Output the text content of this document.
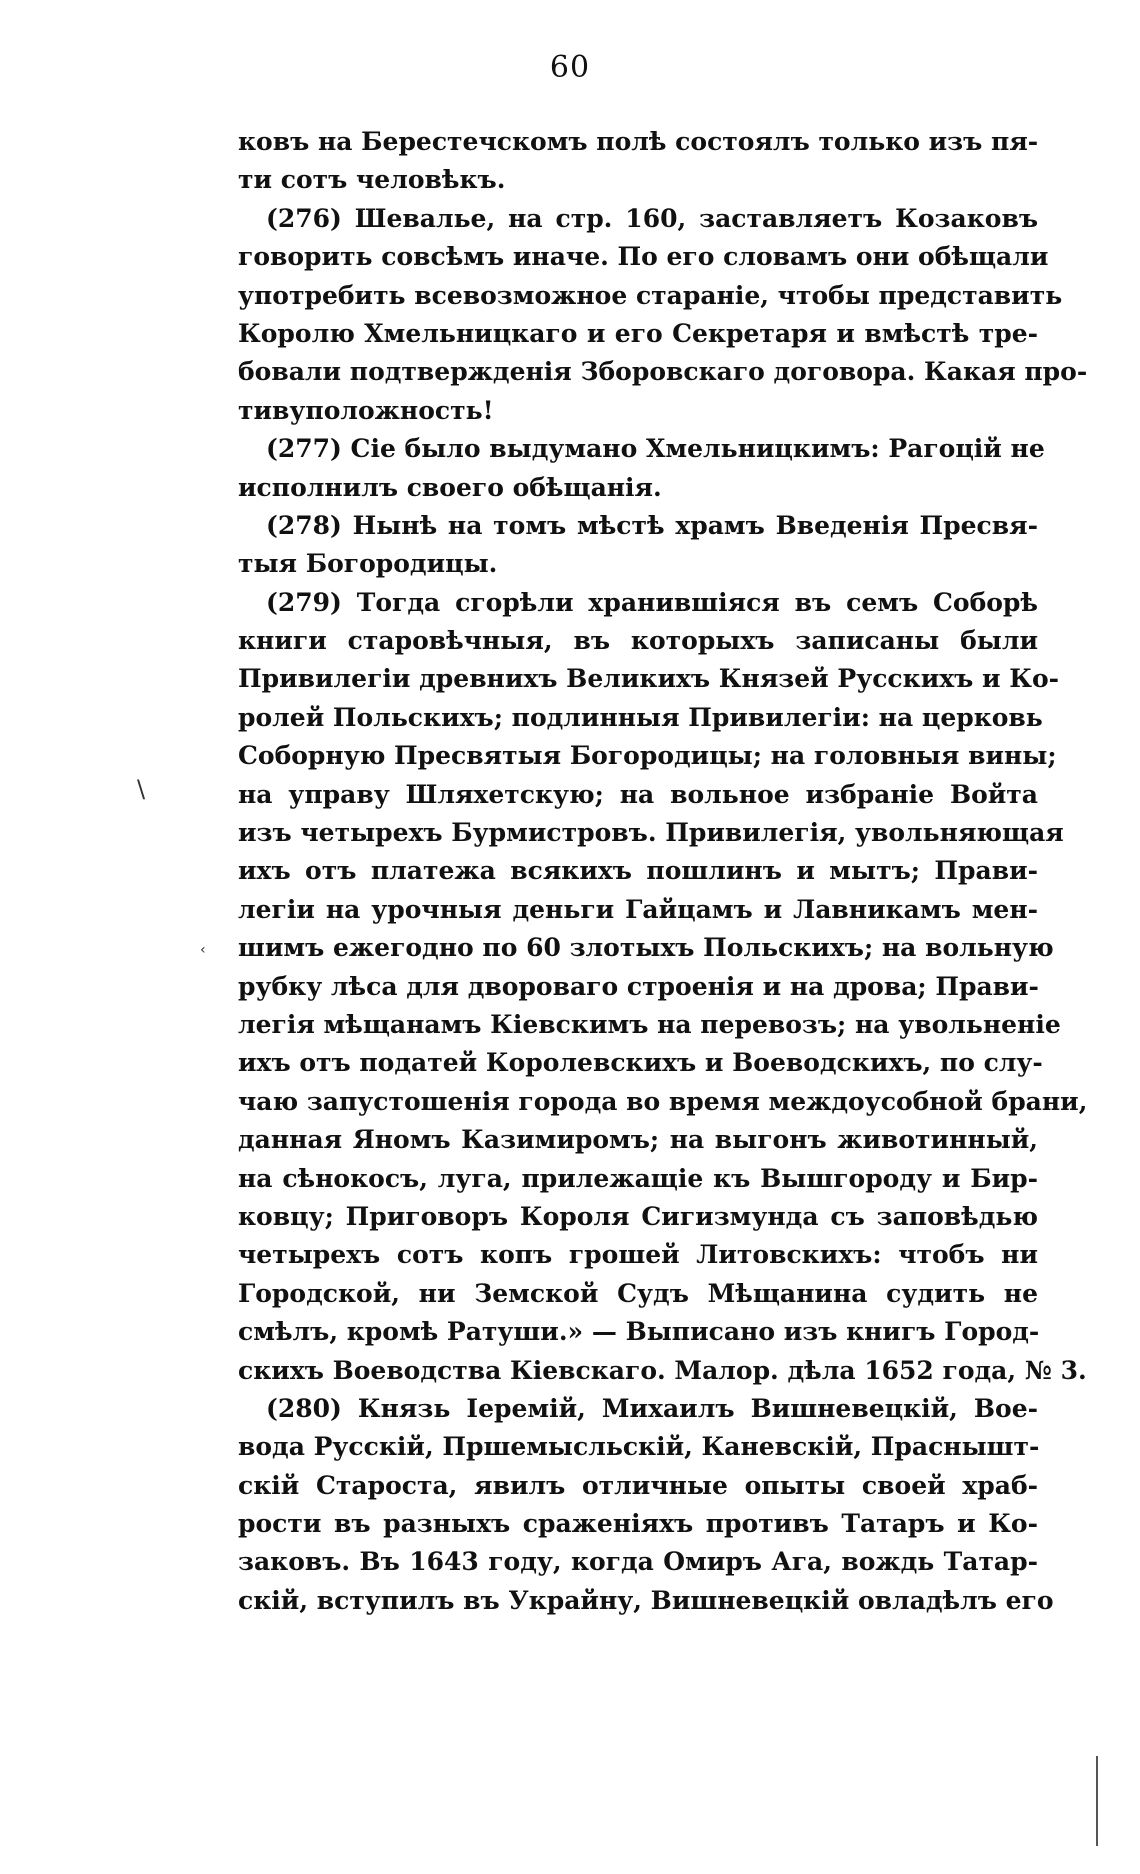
60

ковъ на Берестечскомъ полѣ состоялъ только изъ пя-
ти сотъ человѣкъ.

(276) Шевалье, на стр. 160, заставляетъ Козаковъ
говорить совсѣмъ иначе. По его словамъ они обѣщали
употребить всевозможное старанiе, чтобы представить
Королю Хмельницкаго и его Секретаря и вмѣстѣ тре-
бовали подтвержденiя Зборовскаго договора. Какая про-
тивуположность!

(277) Сiе было выдумано Хмельницкимъ: Рагоцiй не
исполнилъ своего обѣщанiя.

(278) Нынѣ на томъ мѣстѣ храмъ Введенiя Пресвя-
тыя Богородицы.

(279) Тогда сгорѣли хранившiяся въ семъ Соборѣ
книги старовѣчныя, въ которыхъ записаны были
Привилегiи древнихъ Великихъ Князей Русскихъ и Ко-
ролей Польскихъ; подлинныя Привилегiи: на церковь
Соборную Пресвятыя Богородицы; на головныя вины;
на управу Шляхетскую; на вольное избранiе Войта
изъ четырехъ Бурмистровъ. Привилегiя, увольняющая
ихъ отъ платежа всякихъ пошлинъ и мытъ; Прави-
легiи на урочныя деньги Гайцамъ и Лавникамъ мен-
шимъ ежегодно по 60 злотыхъ Польскихъ; на вольную
рубку лѣса для двороваго строенiя и на дрова; Прави-
легiя мѣщанамъ Кiевскимъ на перевозъ; на увольненiе
ихъ отъ податей Королевскихъ и Воеводскихъ, по слу-
чаю запустошенiя города во время междоусобной брани,
данная Яномъ Казимиромъ; на выгонъ животинный,
на сѣнокосъ, луга, прилежащiе къ Вышгороду и Бир-
ковцу; Приговоръ Короля Сигизмунда съ заповѣдью
четырехъ сотъ копъ грошей Литовскихъ: чтобъ ни
Городской, ни Земской Судъ Мѣщанина судить не
смѣлъ, кромѣ Ратуши.» — Выписано изъ книгъ Город-
скихъ Воеводства Кiевскаго. Малор. дѣла 1652 года, № 3.

(280) Князь Iеремiй, Михаилъ Вишневецкiй, Вое-
вода Русскiй, Пршемысльскiй, Каневскiй, Праснышт-
скiй Староста, явилъ отличные опыты своей храб-
рости въ разныхъ сраженiяхъ противъ Татаръ и Ко-
заковъ. Въ 1643 году, когда Омиръ Ага, вождь Татар-
скiй, вступилъ въ Украйну, Вишневецкiй овладѣлъ его

\
‹
